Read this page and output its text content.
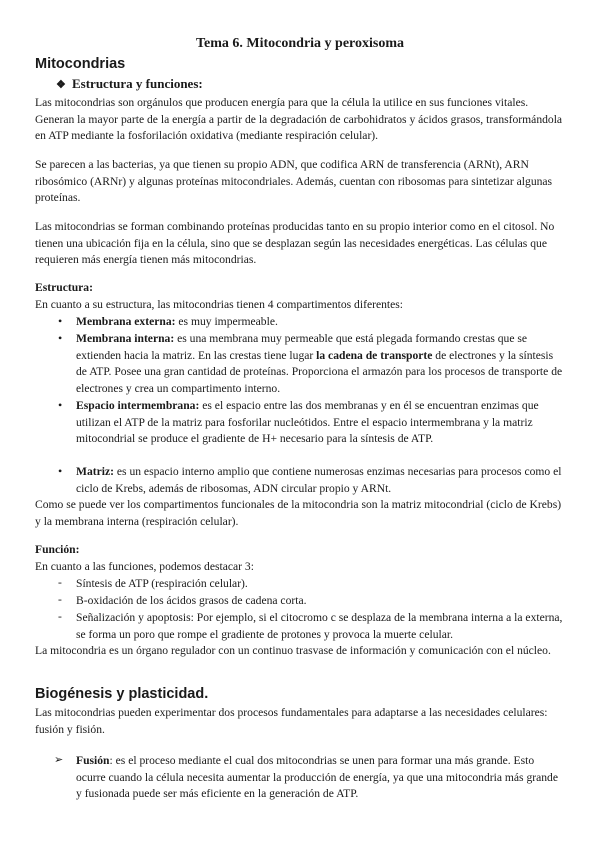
Tema 6. Mitocondria y peroxisoma
Mitocondrias
❖ Estructura y funciones:
Las mitocondrias son orgánulos que producen energía para que la célula la utilice en sus funciones vitales. Generan la mayor parte de la energía a partir de la degradación de carbohidratos y ácidos grasos, transformándola en ATP mediante la fosforilación oxidativa (mediante respiración celular).
Se parecen a las bacterias, ya que tienen su propio ADN, que codifica ARN de transferencia (ARNt), ARN ribosómico (ARNr) y algunas proteínas mitocondriales. Además, cuentan con ribosomas para sintetizar algunas proteínas.
Las mitocondrias se forman combinando proteínas producidas tanto en su propio interior como en el citosol. No tienen una ubicación fija en la célula, sino que se desplazan según las necesidades energéticas. Las células que requieren más energía tienen más mitocondrias.
Estructura:
En cuanto a su estructura, las mitocondrias tienen 4 compartimentos diferentes:
• Membrana externa: es muy impermeable.
• Membrana interna: es una membrana muy permeable que está plegada formando crestas que se extienden hacia la matriz. En las crestas tiene lugar la cadena de transporte de electrones y la síntesis de ATP. Posee una gran cantidad de proteínas. Proporciona el armazón para los procesos de transporte de electrones y crea un compartimento interno.
• Espacio intermembrana: es el espacio entre las dos membranas y en él se encuentran enzimas que utilizan el ATP de la matriz para fosforilar nucleótidos. Entre el espacio intermembrana y la matriz mitocondrial se produce el gradiente de H+ necesario para la síntesis de ATP.
• Matriz: es un espacio interno amplio que contiene numerosas enzimas necesarias para procesos como el ciclo de Krebs, además de ribosomas, ADN circular propio y ARNt.
Como se puede ver los compartimentos funcionales de la mitocondria son la matriz mitocondrial (ciclo de Krebs) y la membrana interna (respiración celular).
Función:
En cuanto a las funciones, podemos destacar 3:
- Síntesis de ATP (respiración celular).
- B-oxidación de los ácidos grasos de cadena corta.
- Señalización y apoptosis: Por ejemplo, si el citocromo c se desplaza de la membrana interna a la externa, se forma un poro que rompe el gradiente de protones y provoca la muerte celular.
La mitocondria es un órgano regulador con un continuo trasvase de información y comunicación con el núcleo.
Biogénesis y plasticidad.
Las mitocondrias pueden experimentar dos procesos fundamentales para adaptarse a las necesidades celulares: fusión y fisión.
➢ Fusión: es el proceso mediante el cual dos mitocondrias se unen para formar una más grande. Esto ocurre cuando la célula necesita aumentar la producción de energía, ya que una mitocondria más grande y fusionada puede ser más eficiente en la generación de ATP.
